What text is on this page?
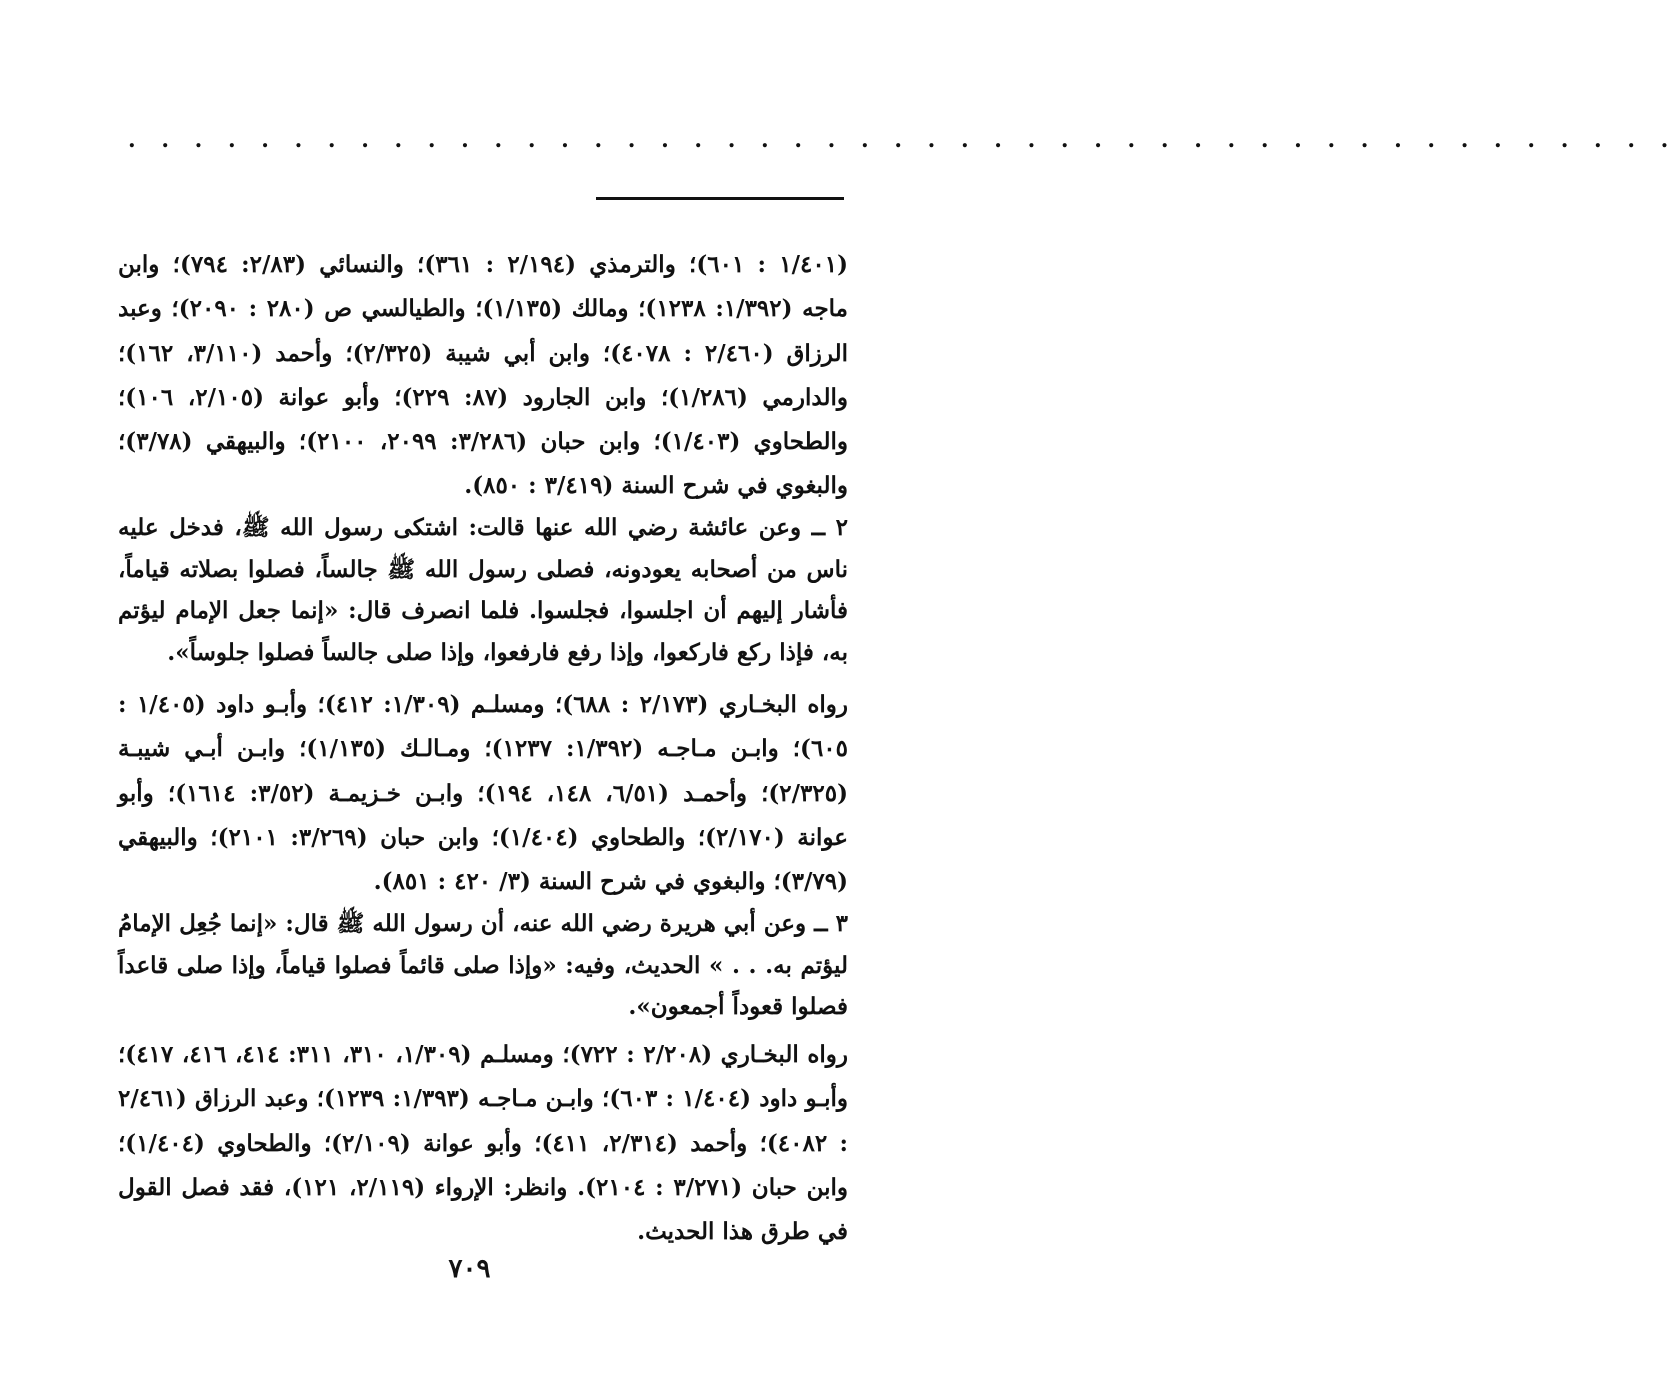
. . . . . . . . . . . . . . . . . . . . . . . . . . . . . . . . . . . . . . . . . . . . . . .

(١/٤٠١ : ٦٠١)؛ والترمذي (٢/١٩٤ : ٣٦١)؛ والنسائي (٢/٨٣: ٧٩٤)؛ وابن ماجه (١/٣٩٢: ١٢٣٨)؛ ومالك (١/١٣٥)؛ والطيالسي ص (٢٨٠ : ٢٠٩٠)؛ وعبد الرزاق (٢/٤٦٠ : ٤٠٧٨)؛ وابن أبي شيبة (٢/٣٢٥)؛ وأحمد (٣/١١٠، ١٦٢)؛ والدارمي (١/٢٨٦)؛ وابن الجارود (٨٧: ٢٢٩)؛ وأبو عوانة (٢/١٠٥، ١٠٦)؛ والطحاوي (١/٤٠٣)؛ وابن حبان (٣/٢٨٦: ٢٠٩٩، ٢١٠٠)؛ والبيهقي (٣/٧٨)؛ والبغوي في شرح السنة (٣/٤١٩ : ٨٥٠).

٢ ــ وعن عائشة رضي الله عنها قالت: اشتكى رسول الله ﷺ، فدخل عليه ناس من أصحابه يعودونه، فصلى رسول الله ﷺ جالساً، فصلوا بصلاته قياماً، فأشار إليهم أن اجلسوا، فجلسوا. فلما انصرف قال: «إنما جعل الإمام ليؤتم به، فإذا ركع فاركعوا، وإذا رفع فارفعوا، وإذا صلى جالساً فصلوا جلوساً».

رواه البخـاري (٢/١٧٣ : ٦٨٨)؛ ومسلـم (١/٣٠٩: ٤١٢)؛ وأبـو داود (١/٤٠٥ : ٦٠٥)؛ وابـن مـاجـه (١/٣٩٢: ١٢٣٧)؛ ومـالـك (١/١٣٥)؛ وابـن أبـي شيبـة (٢/٣٢٥)؛ وأحمـد (٦/٥١، ١٤٨، ١٩٤)؛ وابـن خـزيمـة (٣/٥٢: ١٦١٤)؛ وأبو عوانة (٢/١٧٠)؛ والطحاوي (١/٤٠٤)؛ وابن حبان (٣/٢٦٩: ٢١٠١)؛ والبيهقي (٣/٧٩)؛ والبغوي في شرح السنة (٣/ ٤٢٠ : ٨٥١).

٣ ــ وعن أبي هريرة رضي الله عنه، أن رسول الله ﷺ قال: «إنما جُعِل الإمامُ ليؤتم به. . . » الحديث، وفيه: «وإذا صلى قائماً فصلوا قياماً، وإذا صلى قاعداً فصلوا قعوداً أجمعون».

رواه البخـاري (٢/٢٠٨ : ٧٢٢)؛ ومسلـم (١/٣٠٩، ٣١٠، ٣١١: ٤١٤، ٤١٦، ٤١٧)؛ وأبـو داود (١/٤٠٤ : ٦٠٣)؛ وابـن مـاجـه (١/٣٩٣: ١٢٣٩)؛ وعبد الرزاق (٢/٤٦١ : ٤٠٨٢)؛ وأحمد (٢/٣١٤، ٤١١)؛ وأبو عوانة (٢/١٠٩)؛ والطحاوي (١/٤٠٤)؛ وابن حبان (٣/٢٧١ : ٢١٠٤). وانظر: الإرواء (٢/١١٩، ١٢١)، فقد فصل القول في طرق هذا الحديث.

٧٠٩
